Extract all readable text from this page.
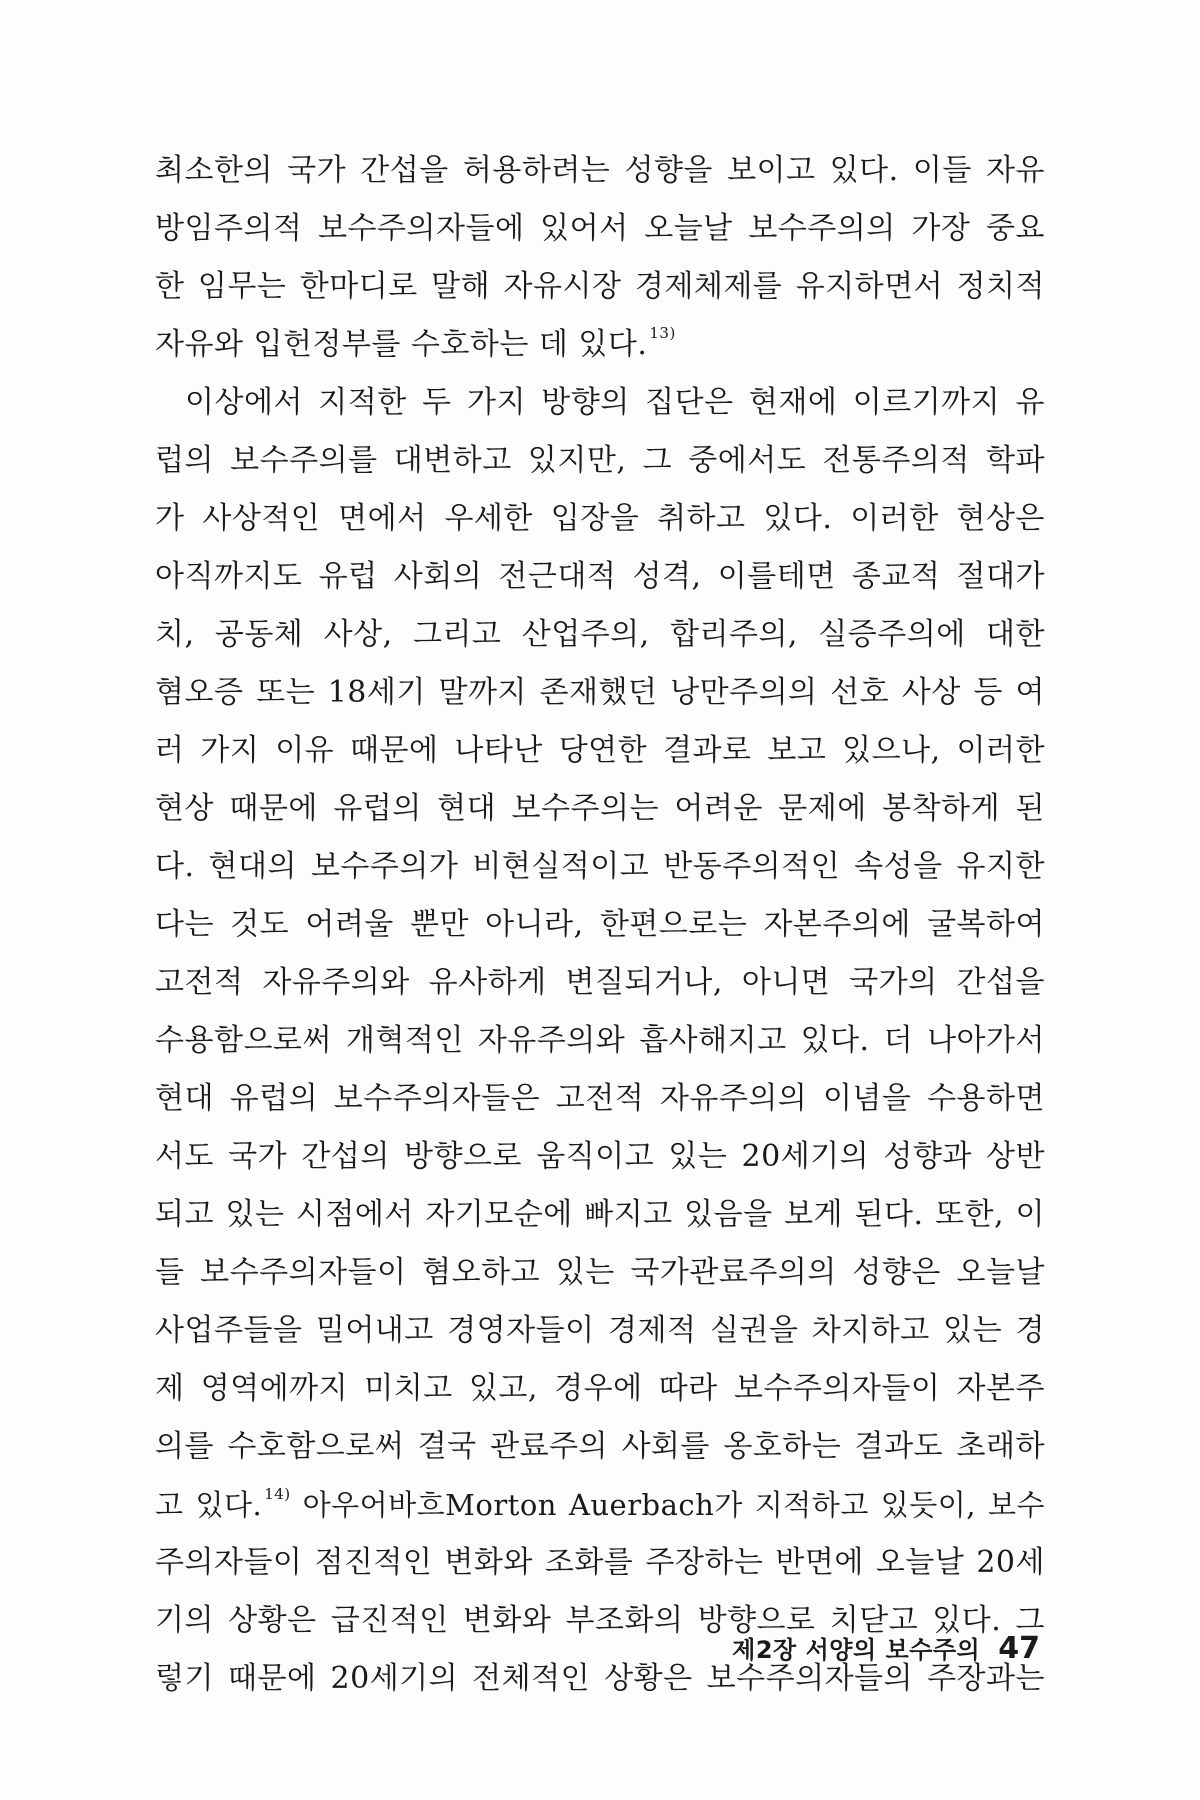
최소한의 국가 간섭을 허용하려는 성향을 보이고 있다. 이들 자유
방임주의적 보수주의자들에 있어서 오늘날 보수주의의 가장 중요
한 임무는 한마디로 말해 자유시장 경제체제를 유지하면서 정치적
자유와 입헌정부를 수호하는 데 있다. $^{13)}$
이상에서 지적한 두 가지 방향의 집단은 현재에 이르기까지 유
럽의 보수주의를 대변하고 있지만, 그 중에서도 전통주의적 학파
가 사상적인 면에서 우세한 입장을 취하고 있다. 이러한 현상은
아직까지도 유럽 사회의 전근대적 성격, 이를테면 종교적 절대가
치, 공동체 사상, 그리고 산업주의, 합리주의, 실증주의에 대한
혐오증 또는 18세기 말까지 존재했던 낭만주의의 선호 사상 등 여
러 가지 이유 때문에 나타난 당연한 결과로 보고 있으나, 이러한
현상 때문에 유럽의 현대 보수주의는 어려운 문제에 봉착하게 된
다. 현대의 보수주의가 비현실적이고 반동주의적인 속성을 유지한
다는 것도 어려울 뿐만 아니라, 한편으로는 자본주의에 굴복하여
고전적 자유주의와 유사하게 변질되거나, 아니면 국가의 간섭을
수용함으로써 개혁적인 자유주의와 흡사해지고 있다. 더 나아가서
현대 유럽의 보수주의자들은 고전적 자유주의의 이념을 수용하면
서도 국가 간섭의 방향으로 움직이고 있는 20세기의 성향과 상반
되고 있는 시점에서 자기모순에 빠지고 있음을 보게 된다. 또한, 이
들 보수주의자들이 혐오하고 있는 국가관료주의의 성향은 오늘날
사업주들을 밀어내고 경영자들이 경제적 실권을 차지하고 있는 경
제 영역에까지 미치고 있고, 경우에 따라 보수주의자들이 자본주
의를 수호함으로써 결국 관료주의 사회를 옹호하는 결과도 초래하
고 있다. $^{14)}$ 아우어바흐Morton Auerbach가 지적하고 있듯이, 보수
주의자들이 점진적인 변화와 조화를 주장하는 반면에 오늘날 20세
기의 상황은 급진적인 변화와 부조화의 방향으로 치닫고 있다. 그
렇기 때문에 20세기의 전체적인 상황은 보수주의자들의 주장과는
제2장 서양의 보수주의 47
